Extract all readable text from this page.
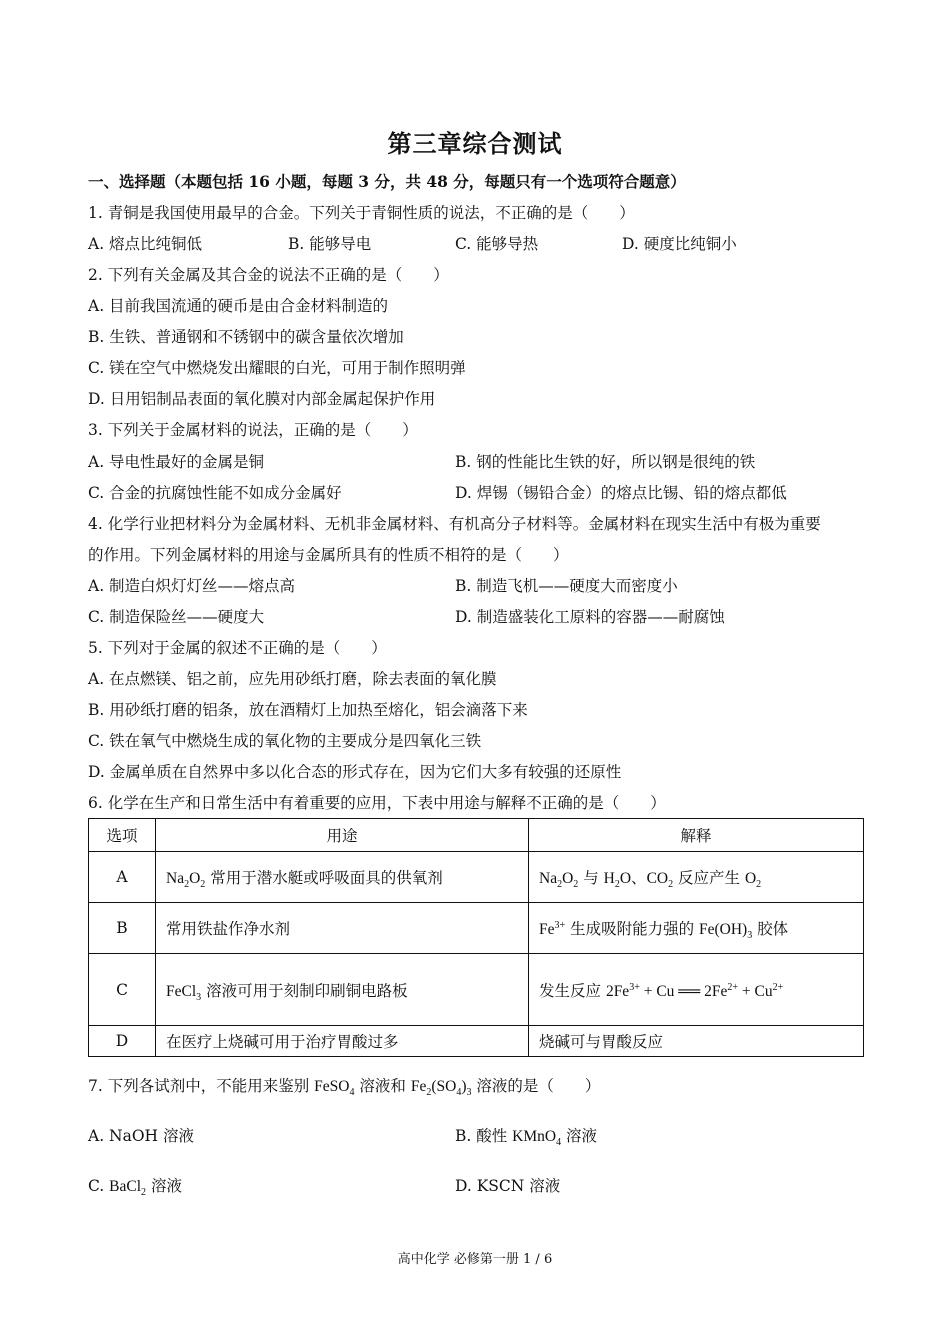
第三章综合测试
一、选择题（本题包括 16 小题，每题 3 分，共 48 分，每题只有一个选项符合题意）
1. 青铜是我国使用最早的合金。下列关于青铜性质的说法，不正确的是（　　）
A. 熔点比纯铜低	B. 能够导电	C. 能够导热	D. 硬度比纯铜小
2. 下列有关金属及其合金的说法不正确的是（　　）
A. 目前我国流通的硬币是由合金材料制造的
B. 生铁、普通钢和不锈钢中的碳含量依次增加
C. 镁在空气中燃烧发出耀眼的白光，可用于制作照明弹
D. 日用铝制品表面的氧化膜对内部金属起保护作用
3. 下列关于金属材料的说法，正确的是（　　）
A. 导电性最好的金属是铜	B. 钢的性能比生铁的好，所以钢是很纯的铁
C. 合金的抗腐蚀性能不如成分金属好	D. 焊锡（锡铅合金）的熔点比锡、铅的熔点都低
4. 化学行业把材料分为金属材料、无机非金属材料、有机高分子材料等。金属材料在现实生活中有极为重要
的作用。下列金属材料的用途与金属所具有的性质不相符的是（　　）
A. 制造白炽灯灯丝——熔点高	B. 制造飞机——硬度大而密度小
C. 制造保险丝——硬度大	D. 制造盛装化工原料的容器——耐腐蚀
5. 下列对于金属的叙述不正确的是（　　）
A. 在点燃镁、铝之前，应先用砂纸打磨，除去表面的氧化膜
B. 用砂纸打磨的铝条，放在酒精灯上加热至熔化，铝会滴落下来
C. 铁在氧气中燃烧生成的氧化物的主要成分是四氧化三铁
D. 金属单质在自然界中多以化合态的形式存在，因为它们大多有较强的还原性
6. 化学在生产和日常生活中有着重要的应用，下表中用途与解释不正确的是（　　）
选项	用途	解释
A	$Na_2O_2$ 常用于潜水艇或呼吸面具的供氧剂	$Na_2O_2$ 与 $H_2O$、$CO_2$ 反应产生 $O_2$
B	常用铁盐作净水剂	$Fe^{3+}$ 生成吸附能力强的 $Fe(OH)_3$ 胶体
C	FeCl$_3$ 溶液可用于刻制印刷铜电路板	发生反应 $2Fe^{3+} + Cu$ ══ $2Fe^{2+} + Cu^{2+}$
D	在医疗上烧碱可用于治疗胃酸过多	烧碱可与胃酸反应
7. 下列各试剂中，不能用来鉴别 FeSO$_4$ 溶液和 $Fe_2(SO_4)_3$ 溶液的是（　　）
A. NaOH 溶液	B. 酸性 KMnO$_4$ 溶液
C. BaCl$_2$ 溶液	D. KSCN 溶液
高中化学 必修第一册 1 / 6
